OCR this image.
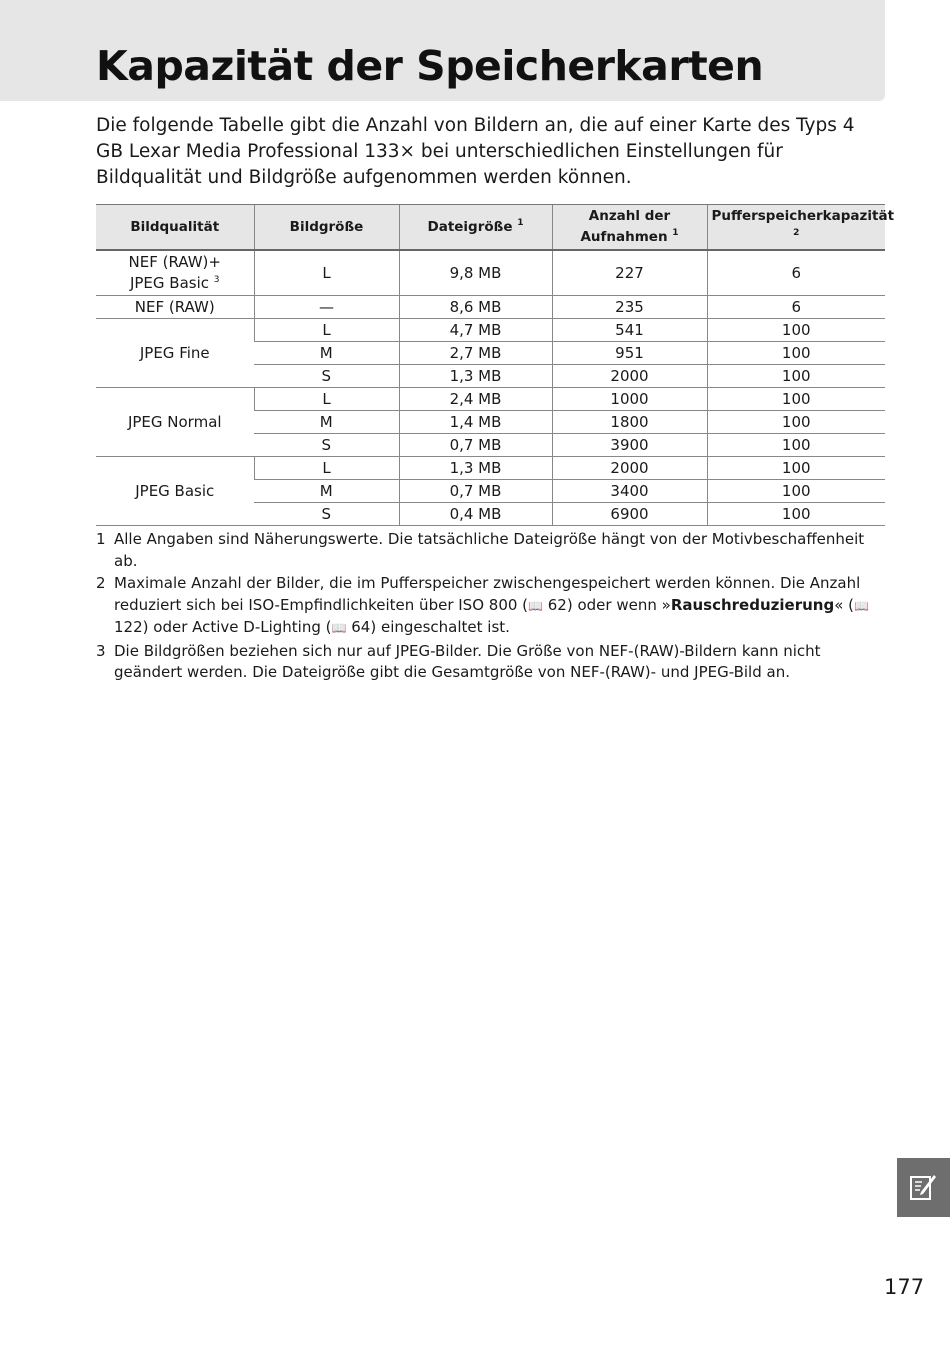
Kapazität der Speicherkarten

Die folgende Tabelle gibt die Anzahl von Bildern an, die auf einer Karte des Typs 4 GB Lexar Media Professional 133× bei unterschiedlichen Einstellungen für Bildqualität und Bildgröße aufgenommen werden können.

Bildqualität	Bildgröße	Dateigröße $^1$	Anzahl der
Aufnahmen $^1$	Pufferspeicherkapazität $^2$
NEF (RAW)+
JPEG Basic $^3$	L	9,8 MB	227	6
NEF (RAW)	—	8,6 MB	235	6
JPEG Fine	L	4,7 MB	541	100
	M	2,7 MB	951	100
	S	1,3 MB	2000	100
JPEG Normal	L	2,4 MB	1000	100
	M	1,4 MB	1800	100
	S	0,7 MB	3900	100
JPEG Basic	L	1,3 MB	2000	100
	M	0,7 MB	3400	100
	S	0,4 MB	6900	100
1 Alle Angaben sind Näherungswerte. Die tatsächliche Dateigröße hängt von der Motivbeschaffenheit ab.
2 Maximale Anzahl der Bilder, die im Pufferspeicher zwischengespeichert werden können. Die Anzahl reduziert sich bei ISO-Empfindlichkeiten über ISO 800 (📖 62) oder wenn »Rauschreduzierung« (📖 122) oder Active D-Lighting (📖 64) eingeschaltet ist.
3 Die Bildgrößen beziehen sich nur auf JPEG-Bilder. Die Größe von NEF-(RAW)-Bildern kann nicht geändert werden. Die Dateigröße gibt die Gesamtgröße von NEF-(RAW)- und JPEG-Bild an.
177
